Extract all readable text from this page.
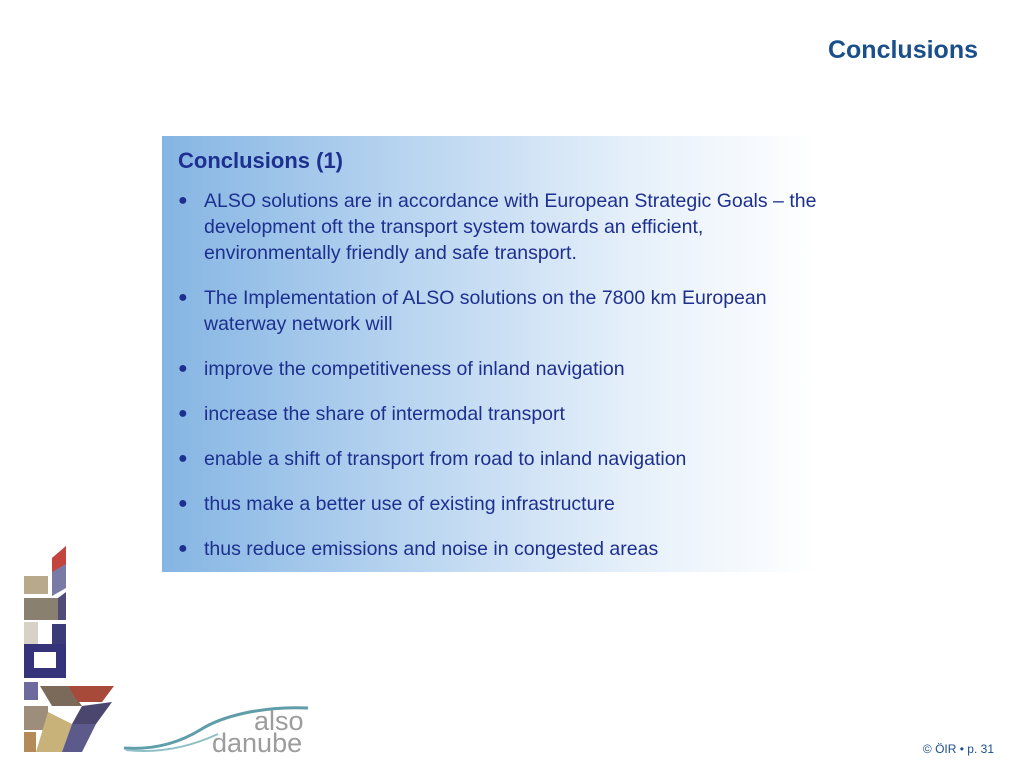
Conclusions
Conclusions (1)
● ALSO solutions are in accordance with European Strategic Goals – the development oft the transport system towards an efficient, environmentally friendly and safe transport.
● The Implementation of ALSO solutions on the 7800 km European waterway network will
● improve the competitiveness of inland navigation
● increase the share of intermodal transport
● enable a shift of transport from road to inland navigation
● thus make a better use of existing infrastructure
● thus reduce emissions and noise in congested areas
also
danube	© ÖIR • p. 31
